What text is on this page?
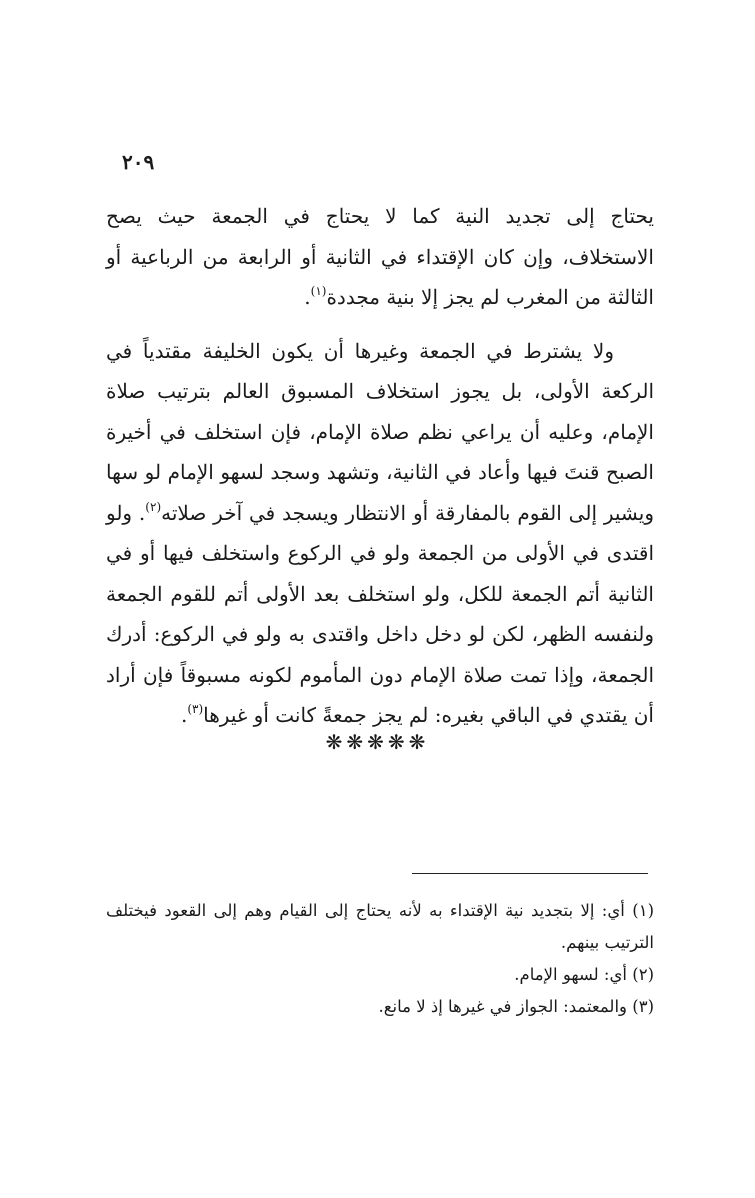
٢٠٩

يحتاج إلى تجديد النية كما لا يحتاج في الجمعة حيث يصح الاستخلاف، وإن كان الإقتداء في الثانية أو الرابعة من الرباعية أو الثالثة من المغرب لم يجز إلا بنية مجددة$^{(١)}$.

ولا يشترط في الجمعة وغيرها أن يكون الخليفة مقتدياً في الركعة الأولى، بل يجوز استخلاف المسبوق العالم بترتيب صلاة الإمام، وعليه أن يراعي نظم صلاة الإمام، فإن استخلف في أخيرة الصبح قنتَ فيها وأعاد في الثانية، وتشهد وسجد لسهو الإمام لو سها ويشير إلى القوم بالمفارقة أو الانتظار ويسجد في آخر صلاته$^{(٢)}$. ولو اقتدى في الأولى من الجمعة ولو في الركوع واستخلف فيها أو في الثانية أتم الجمعة للكل، ولو استخلف بعد الأولى أتم للقوم الجمعة ولنفسه الظهر، لكن لو دخل داخل واقتدى به ولو في الركوع: أدرك الجمعة، وإذا تمت صلاة الإمام دون المأموم لكونه مسبوقاً فإن أراد أن يقتدي في الباقي بغيره: لم يجز جمعةً كانت أو غيرها$^{(٣)}$.

❋❋❋❋❋

(١) أي: إلا بتجديد نية الإقتداء به لأنه يحتاج إلى القيام وهم إلى القعود فيختلف الترتيب بينهم.

(٢) أي: لسهو الإمام.

(٣) والمعتمد: الجواز في غيرها إذ لا مانع.
